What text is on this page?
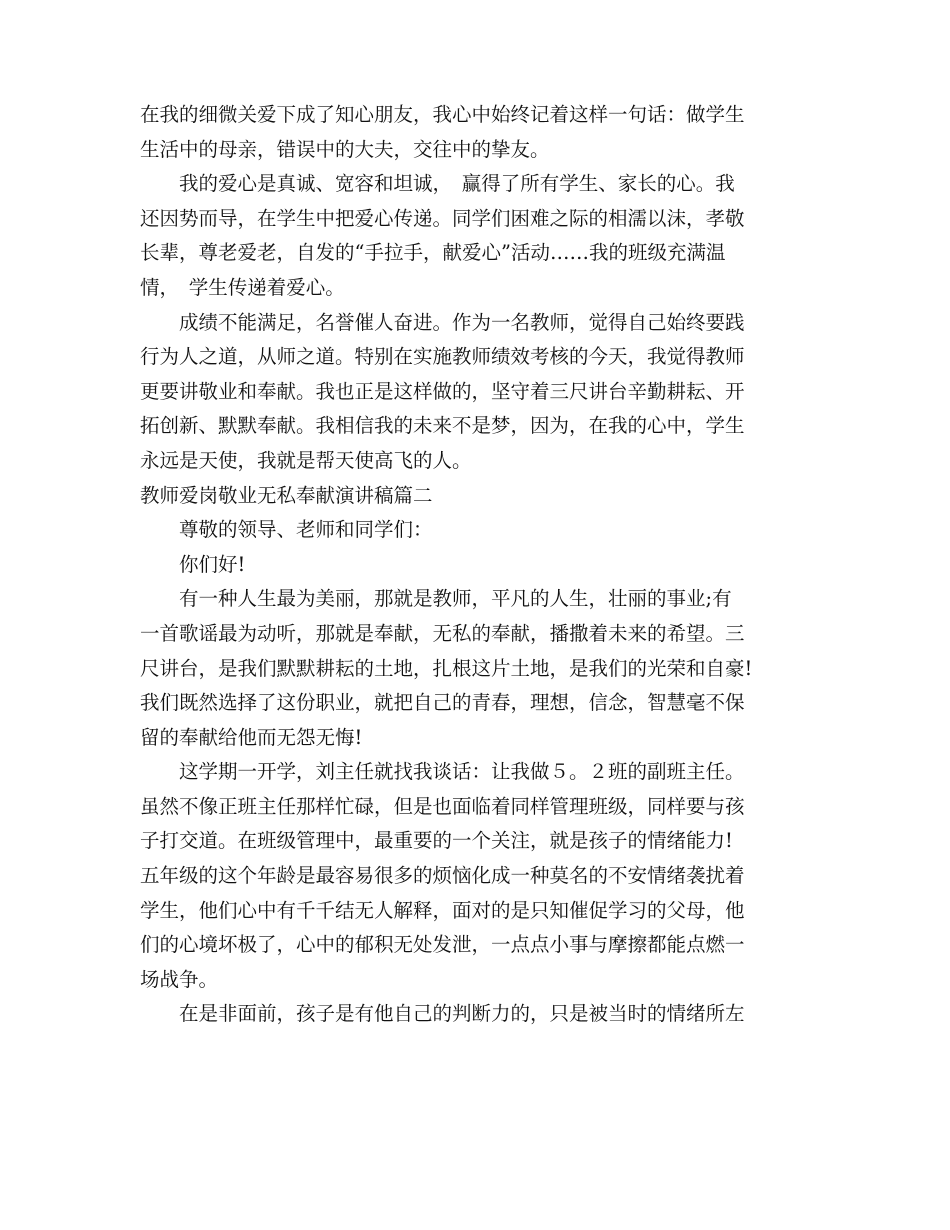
在我的细微关爱下成了知心朋友，我心中始终记着这样一句话：做学生
生活中的母亲，错误中的大夫，交往中的挚友。
　　我的爱心是真诚、宽容和坦诚，　赢得了所有学生、家长的心。我
还因势而导，在学生中把爱心传递。同学们困难之际的相濡以沫，孝敬
长辈，尊老爱老，自发的“手拉手，献爱心”活动……我的班级充满温
情，　学生传递着爱心。
　　成绩不能满足，名誉催人奋进。作为一名教师，觉得自己始终要践
行为人之道，从师之道。特别在实施教师绩效考核的今天，我觉得教师
更要讲敬业和奉献。我也正是这样做的，坚守着三尺讲台辛勤耕耘、开
拓创新、默默奉献。我相信我的未来不是梦，因为，在我的心中，学生
永远是天使，我就是帮天使高飞的人。
教师爱岗敬业无私奉献演讲稿篇二
　　尊敬的领导、老师和同学们：
　　你们好!
　　有一种人生最为美丽，那就是教师，平凡的人生，壮丽的事业;有
一首歌谣最为动听，那就是奉献，无私的奉献，播撒着未来的希望。三
尺讲台，是我们默默耕耘的土地，扎根这片土地，是我们的光荣和自豪!
我们既然选择了这份职业，就把自己的青春，理想，信念，智慧毫不保
留的奉献给他而无怨无悔!
　　这学期一开学，刘主任就找我谈话：让我做５。２班的副班主任。
虽然不像正班主任那样忙碌，但是也面临着同样管理班级，同样要与孩
子打交道。在班级管理中，最重要的一个关注，就是孩子的情绪能力!
五年级的这个年龄是最容易很多的烦恼化成一种莫名的不安情绪袭扰着
学生，他们心中有千千结无人解释，面对的是只知催促学习的父母，他
们的心境坏极了，心中的郁积无处发泄，一点点小事与摩擦都能点燃一
场战争。
　　在是非面前，孩子是有他自己的判断力的，只是被当时的情绪所左
